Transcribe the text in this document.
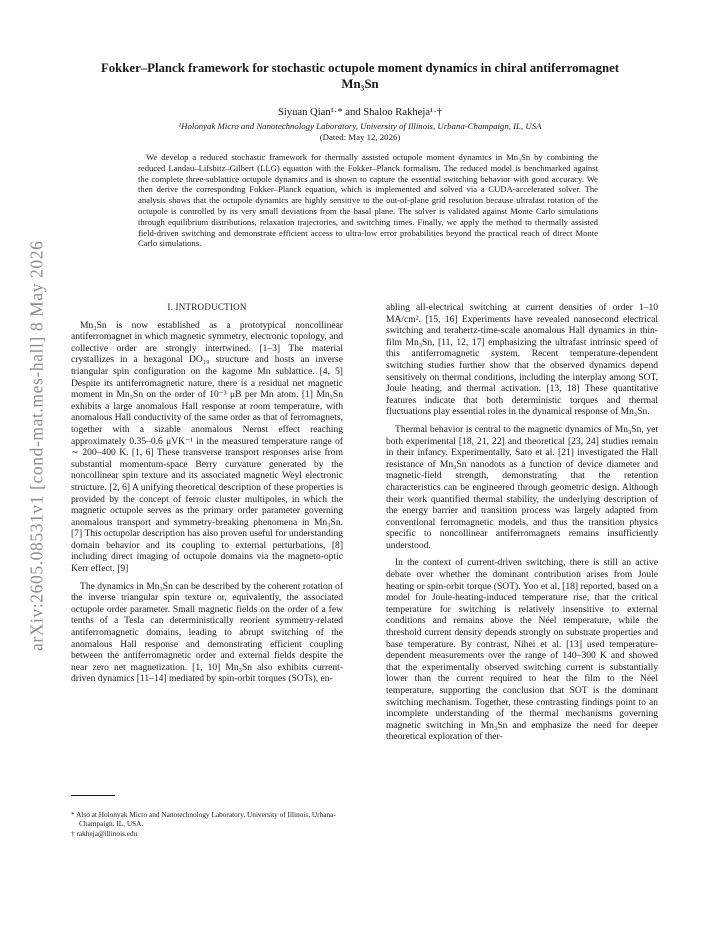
arXiv:2605.08531v1 [cond-mat.mes-hall] 8 May 2026
Fokker–Planck framework for stochastic octupole moment dynamics in chiral antiferromagnet
Mn₃Sn
Siyuan Qian¹·* and Shaloo Rakheja¹·†
¹Holonyak Micro and Nanotechnology Laboratory, University of Illinois, Urbana-Champaign, IL, USA
(Dated: May 12, 2026)
We develop a reduced stochastic framework for thermally assisted octupole moment dynamics in Mn₃Sn by combining the reduced Landau–Lifshitz–Gilbert (LLG) equation with the Fokker–Planck formalism. The reduced model is benchmarked against the complete three-sublattice octupole dynamics and is shown to capture the essential switching behavior with good accuracy. We then derive the corresponding Fokker–Planck equation, which is implemented and solved via a CUDA-accelerated solver. The analysis shows that the octupole dynamics are highly sensitive to the out-of-plane grid resolution because ultrafast rotation of the octupole is controlled by its very small deviations from the basal plane. The solver is validated against Monte Carlo simulations through equilibrium distributions, relaxation trajectories, and switching times. Finally, we apply the method to thermally assisted field-driven switching and demonstrate efficient access to ultra-low error probabilities beyond the practical reach of direct Monte Carlo simulations.
I. INTRODUCTION

Mn₃Sn is now established as a prototypical noncollinear antiferromagnet in which magnetic symmetry, electronic topology, and collective order are strongly intertwined. [1–3] The material crystallizes in a hexagonal DO₁₉ structure and hosts an inverse triangular spin configuration on the kagome Mn sublattice. [4, 5] Despite its antiferromagnetic nature, there is a residual net magnetic moment in Mn₃Sn on the order of 10⁻³ μB per Mn atom. [1] Mn₃Sn exhibits a large anomalous Hall response at room temperature, with anomalous Hall conductivity of the same order as that of ferromagnets, together with a sizable anomalous Nernst effect reaching approximately 0.35–0.6 μVK⁻¹ in the measured temperature range of ∼ 200–400 K. [1, 6] These transverse transport responses arise from substantial momentum-space Berry curvature generated by the noncollinear spin texture and its associated magnetic Weyl electronic structure. [2, 6] A unifying theoretical description of these properties is provided by the concept of ferroic cluster multipoles, in which the magnetic octupole serves as the primary order parameter governing anomalous transport and symmetry-breaking phenomena in Mn₃Sn. [7] This octupolar description has also proven useful for understanding domain behavior and its coupling to external perturbations, [8] including direct imaging of octupole domains via the magneto-optic Kerr effect. [9]

The dynamics in Mn₃Sn can be described by the coherent rotation of the inverse triangular spin texture or, equivalently, the associated octupole order parameter. Small magnetic fields on the order of a few tenths of a Tesla can deterministically reorient symmetry-related antiferromagnetic domains, leading to abrupt switching of the anomalous Hall response and demonstrating efficient coupling between the antiferromagnetic order and external fields despite the near zero net magnetization. [1, 10] Mn₃Sn also exhibits current-driven dynamics [11–14] mediated by spin-orbit torques (SOTs), en-

* Also at Holonyak Micro and Nanotechnology Laboratory, University of Illinois, Urbana-Champaign, IL, USA.
† rakheja@illinois.edu

abling all-electrical switching at current densities of order 1–10 MA/cm². [15, 16] Experiments have revealed nanosecond electrical switching and terahertz-time-scale anomalous Hall dynamics in thin-film Mn₃Sn, [11, 12, 17] emphasizing the ultrafast intrinsic speed of this antiferromagnetic system. Recent temperature-dependent switching studies further show that the observed dynamics depend sensitively on thermal conditions, including the interplay among SOT, Joule heating, and thermal activation. [13, 18] These quantitative features indicate that both deterministic torques and thermal fluctuations play essential roles in the dynamical response of Mn₃Sn.

Thermal behavior is central to the magnetic dynamics of Mn₃Sn, yet both experimental [18, 21, 22] and theoretical [23, 24] studies remain in their infancy. Experimentally, Sato et al. [21] investigated the Hall resistance of Mn₃Sn nanodots as a function of device diameter and magnetic-field strength, demonstrating that the retention characteristics can be engineered through geometric design. Although their work quantified thermal stability, the underlying description of the energy barrier and transition process was largely adapted from conventional ferromagnetic models, and thus the transition physics specific to noncollinear antiferromagnets remains insufficiently understood.

In the context of current-driven switching, there is still an active debate over whether the dominant contribution arises from Joule heating or spin-orbit torque (SOT). Yoo et al. [18] reported, based on a model for Joule-heating-induced temperature rise, that the critical temperature for switching is relatively insensitive to external conditions and remains above the Néel temperature, while the threshold current density depends strongly on substrate properties and base temperature. By contrast, Nihei et al. [13] used temperature-dependent measurements over the range of 140–300 K and showed that the experimentally observed switching current is substantially lower than the current required to heat the film to the Néel temperature, supporting the conclusion that SOT is the dominant switching mechanism. Together, these contrasting findings point to an incomplete understanding of the thermal mechanisms governing magnetic switching in Mn₃Sn and emphasize the need for deeper theoretical exploration of ther-
